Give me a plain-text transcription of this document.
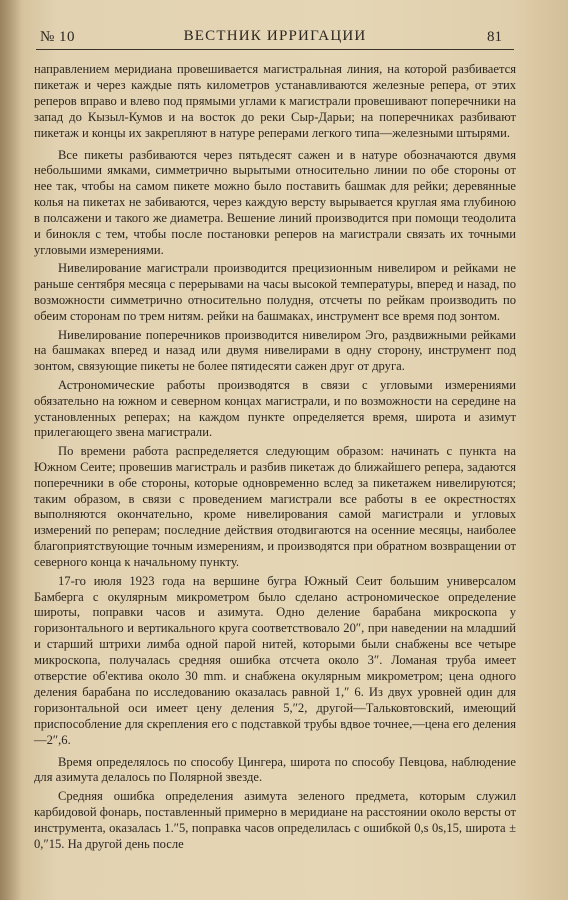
№ 10	ВЕСТНИК ИРРИГАЦИИ	81

направлением меридиана провешивается магистральная линия, на которой разбивается пикетаж и через каждые пять километров устанавливаются железные репера, от этих реперов вправо и влево под прямыми углами к магистрали провешивают поперечники на запад до Кызыл-Кумов и на восток до реки Сыр-Дарьи; на поперечниках разбивают пикетаж и концы их закрепляют в натуре реперами легкого типа—железными штырями.

Все пикеты разбиваются через пятьдесят сажен и в натуре обозначаются двумя небольшими ямками, симметрично вырытыми относительно линии по обе стороны от нее так, чтобы на самом пикете можно было поставить башмак для рейки; деревянные колья на пикетах не забиваются, через каждую версту вырывается круглая яма глубиною в полсажени и такого же диаметра. Вешение линий производится при помощи теодолита и бинокля с тем, чтобы после постановки реперов на магистрали связать их точными угловыми измерениями.

Нивелирование магистрали производится прецизионным нивелиром и рейками не раньше сентября месяца с перерывами на часы высокой температуры, вперед и назад, по возможности симметрично относительно полудня, отсчеты по рейкам производить по обеим сторонам по трем нитям. рейки на башмаках, инструмент все время под зонтом.

Нивелирование поперечников производится нивелиром Эго, раздвижными рейками на башмаках вперед и назад или двумя нивелирами в одну сторону, инструмент под зонтом, связующие пикеты не более пятидесяти сажен друг от друга.

Астрономические работы производятся в связи с угловыми измерениями обязательно на южном и северном концах магистрали, и по возможности на середине на установленных реперах; на каждом пункте определяется время, широта и азимут прилегающего звена магистрали.

По времени работа распределяется следующим образом: начинать с пункта на Южном Сеите; провешив магистраль и разбив пикетаж до ближайшего репера, задаются поперечники в обе стороны, которые одновременно вслед за пикетажем нивелируются; таким образом, в связи с проведением магистрали все работы в ее окрестностях выполняются окончательно, кроме нивелирования самой магистрали и угловых измерений по реперам; последние действия отодвигаются на осенние месяцы, наиболее благоприятствующие точным измерениям, и производятся при обратном возвращении от северного конца к начальному пункту.

17-го июля 1923 года на вершине бугра Южный Сеит большим универсалом Бамберга с окулярным микрометром было сделано астрономическое определение широты, поправки часов и азимута. Одно деление барабана микроскопа у горизонтального и вертикального круга соответствовало 20″, при наведении на младший и старший штрихи лимба одной парой нитей, которыми были снабжены все четыре микроскопа, получалась средняя ошибка отсчета около 3″. Ломаная труба имеет отверстие об'ектива около 30 mm. и снабжена окулярным микрометром; цена одного деления барабана по исследованию оказалась равной 1,″ 6. Из двух уровней один для горизонтальной оси имеет цену деления 5,″2, другой—Тальковтовский, имеющий приспособление для скрепления его с подставкой трубы вдвое точнее,—цена его деления—2″,6.

Время определялось по способу Цингера, широта по способу Певцова, наблюдение для азимута делалось по Полярной звезде.

Средняя ошибка определения азимута зеленого предмета, которым служил карбидовой фонарь, поставленный примерно в меридиане на расстоянии около версты от инструмента, оказалась 1.″5, поправка часов определилась с ошибкой 0,s 0s,15, широта ± 0,″15. На другой день после
